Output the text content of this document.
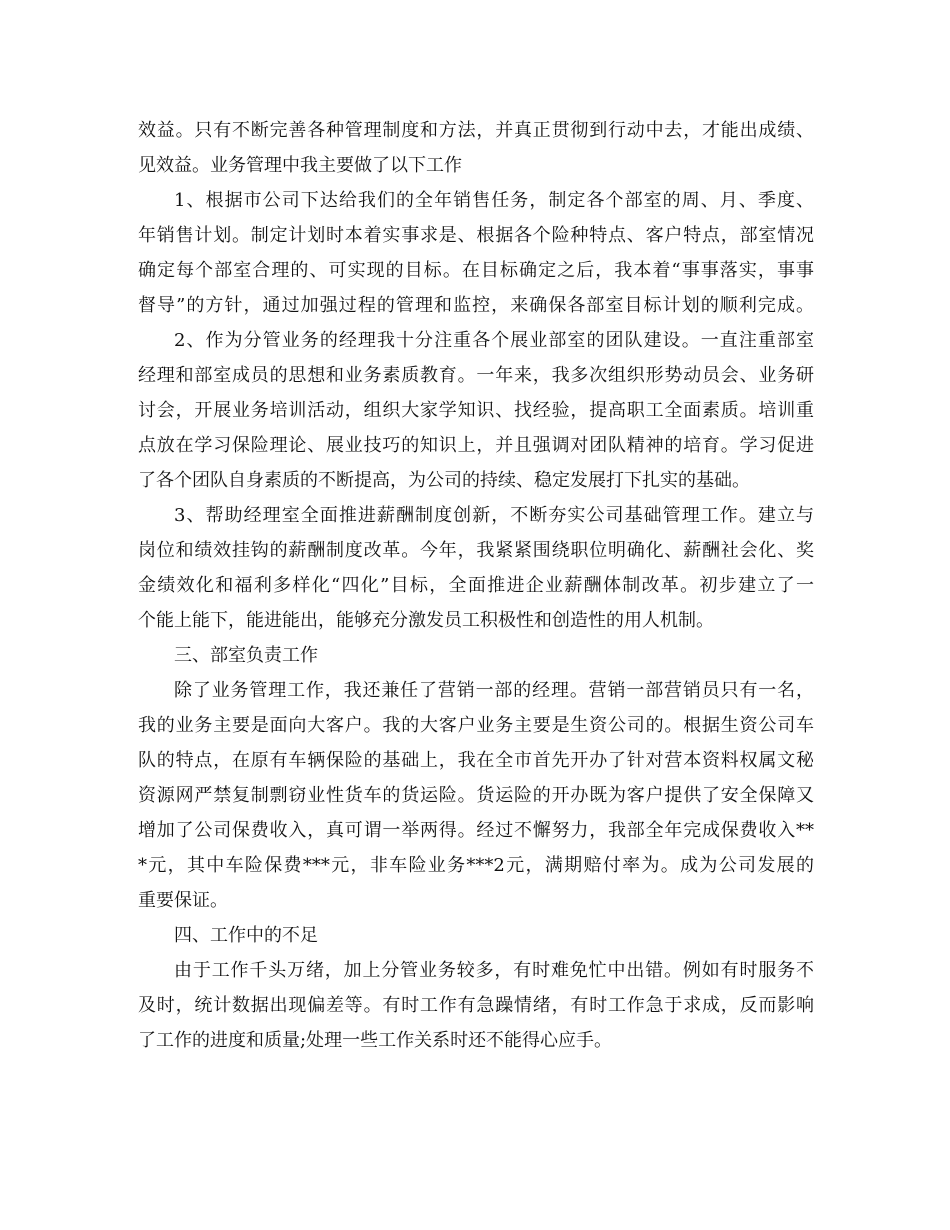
效益。只有不断完善各种管理制度和方法，并真正贯彻到行动中去，才能出成绩、
见效益。业务管理中我主要做了以下工作
1、根据市公司下达给我们的全年销售任务，制定各个部室的周、月、季度、
年销售计划。制定计划时本着实事求是、根据各个险种特点、客户特点，部室情况
确定每个部室合理的、可实现的目标。在目标确定之后，我本着“事事落实，事事
督导”的方针，通过加强过程的管理和监控，来确保各部室目标计划的顺利完成。
2、作为分管业务的经理我十分注重各个展业部室的团队建设。一直注重部室
经理和部室成员的思想和业务素质教育。一年来，我多次组织形势动员会、业务研
讨会，开展业务培训活动，组织大家学知识、找经验，提高职工全面素质。培训重
点放在学习保险理论、展业技巧的知识上，并且强调对团队精神的培育。学习促进
了各个团队自身素质的不断提高，为公司的持续、稳定发展打下扎实的基础。
3、帮助经理室全面推进薪酬制度创新，不断夯实公司基础管理工作。建立与
岗位和绩效挂钩的薪酬制度改革。今年，我紧紧围绕职位明确化、薪酬社会化、奖
金绩效化和福利多样化“四化”目标，全面推进企业薪酬体制改革。初步建立了一
个能上能下，能进能出，能够充分激发员工积极性和创造性的用人机制。
三、部室负责工作
除了业务管理工作，我还兼任了营销一部的经理。营销一部营销员只有一名，
我的业务主要是面向大客户。我的大客户业务主要是生资公司的。根据生资公司车
队的特点，在原有车辆保险的基础上，我在全市首先开办了针对营本资料权属文秘
资源网严禁复制剽窃业性货车的货运险。货运险的开办既为客户提供了安全保障又
增加了公司保费收入，真可谓一举两得。经过不懈努力，我部全年完成保费收入**
*元，其中车险保费***元，非车险业务***2元，满期赔付率为。成为公司发展的
重要保证。
四、工作中的不足
由于工作千头万绪，加上分管业务较多，有时难免忙中出错。例如有时服务不
及时，统计数据出现偏差等。有时工作有急躁情绪，有时工作急于求成，反而影响
了工作的进度和质量;处理一些工作关系时还不能得心应手。
